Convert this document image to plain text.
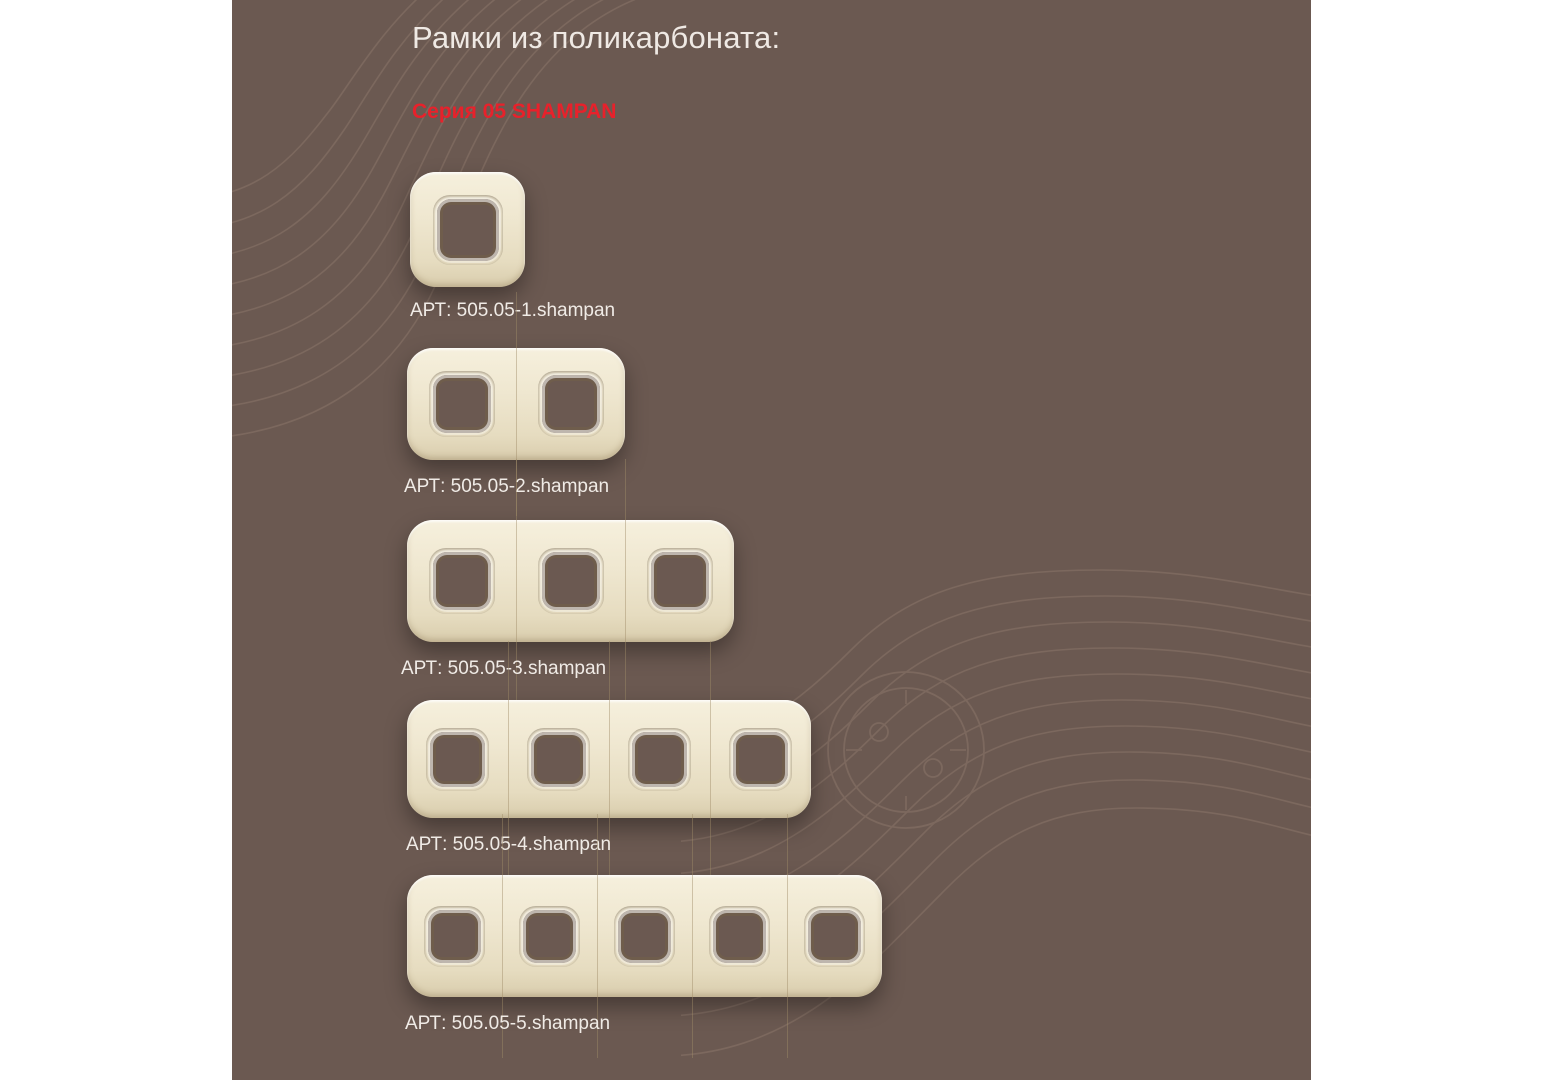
Рамки из поликарбоната:
Серия 05 SHAMPAN
АРТ: 505.05-1.shampan
АРТ: 505.05-2.shampan
АРТ: 505.05-3.shampan
АРТ: 505.05-4.shampan
АРТ: 505.05-5.shampan
